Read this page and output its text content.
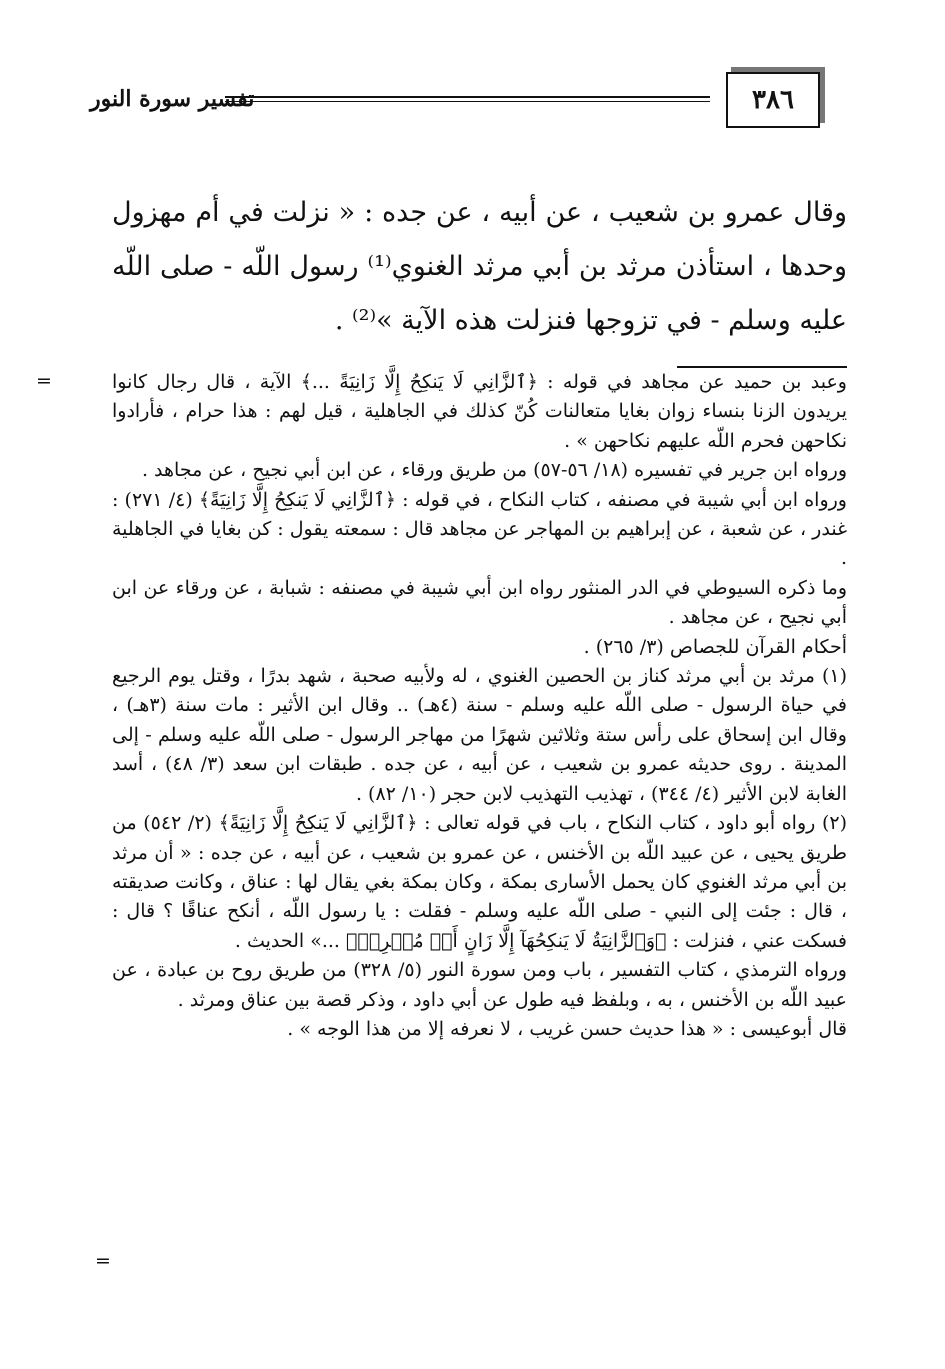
٣٨٦
تفسير سورة النور

وقال عمرو بن شعيب ، عن أبيه ، عن جده : « نزلت في أم مهزول وحدها ، استأذن مرثد بن أبي مرثد الغنوي⁽¹⁾ رسول اللّه - صلى اللّه عليه وسلم - في تزوجها فنزلت هذه الآية »⁽²⁾ .

=	وعبد بن حميد عن مجاهد في قوله : ﴿ٱلزَّانِي لَا يَنكِحُ إِلَّا زَانِيَةً ...﴾ الآية ، قال رجال كانوا يريدون الزنا بنساء زوان بغايا متعالنات كُنّ كذلك في الجاهلية ، قيل لهم : هذا حرام ، فأرادوا نكاحهن فحرم اللّه عليهم نكاحهن » .

ورواه ابن جرير في تفسيره (١٨/ ٥٦-٥٧) من طريق ورقاء ، عن ابن أبي نجيح ، عن مجاهد .

ورواه ابن أبي شيبة في مصنفه ، كتاب النكاح ، في قوله : ﴿ٱلزَّانِي لَا يَنكِحُ إِلَّا زَانِيَةً﴾ (٤/ ٢٧١) : غندر ، عن شعبة ، عن إبراهيم بن المهاجر عن مجاهد قال : سمعته يقول : كن بغايا في الجاهلية .

وما ذكره السيوطي في الدر المنثور رواه ابن أبي شيبة في مصنفه : شبابة ، عن ورقاء عن ابن أبي نجيح ، عن مجاهد .

أحكام القرآن للجصاص (٣/ ٢٦٥) .

(١) مرثد بن أبي مرثد كناز بن الحصين الغنوي ، له ولأبيه صحبة ، شهد بدرًا ، وقتل يوم الرجيع في حياة الرسول - صلى اللّه عليه وسلم - سنة (٤هـ) .. وقال ابن الأثير : مات سنة (٣هـ) ، وقال ابن إسحاق على رأس ستة وثلاثين شهرًا من مهاجر الرسول - صلى اللّه عليه وسلم - إلى المدينة . روى حديثه عمرو بن شعيب ، عن أبيه ، عن جده . طبقات ابن سعد (٣/ ٤٨) ، أسد الغابة لابن الأثير (٤/ ٣٤٤) ، تهذيب التهذيب لابن حجر (١٠/ ٨٢) .

(٢) رواه أبو داود ، كتاب النكاح ، باب في قوله تعالى : ﴿ٱلزَّانِي لَا يَنكِحُ إِلَّا زَانِيَةً﴾ (٢/ ٥٤٢) من طريق يحيى ، عن عبيد اللّه بن الأخنس ، عن عمرو بن شعيب ، عن أبيه ، عن جده : « أن مرثد بن أبي مرثد الغنوي كان يحمل الأسارى بمكة ، وكان بمكة بغي يقال لها : عناق ، وكانت صديقته ، قال : جئت إلى النبي - صلى اللّه عليه وسلم - فقلت : يا رسول اللّه ، أنكح عناقًا ؟ قال : فسكت عني ، فنزلت : ﴿وَٱلزَّانِيَةُ لَا يَنكِحُهَآ إِلَّا زَانٍ أَوۡ مُشۡرِكٞ﴾ ...» الحديث .

ورواه الترمذي ، كتاب التفسير ، باب ومن سورة النور (٥/ ٣٢٨) من طريق روح بن عبادة ، عن عبيد اللّه بن الأخنس ، به ، وبلفظ فيه طول عن أبي داود ، وذكر قصة بين عناق ومرثد .

قال أبوعيسى : « هذا حديث حسن غريب ، لا نعرفه إلا من هذا الوجه » .

=
